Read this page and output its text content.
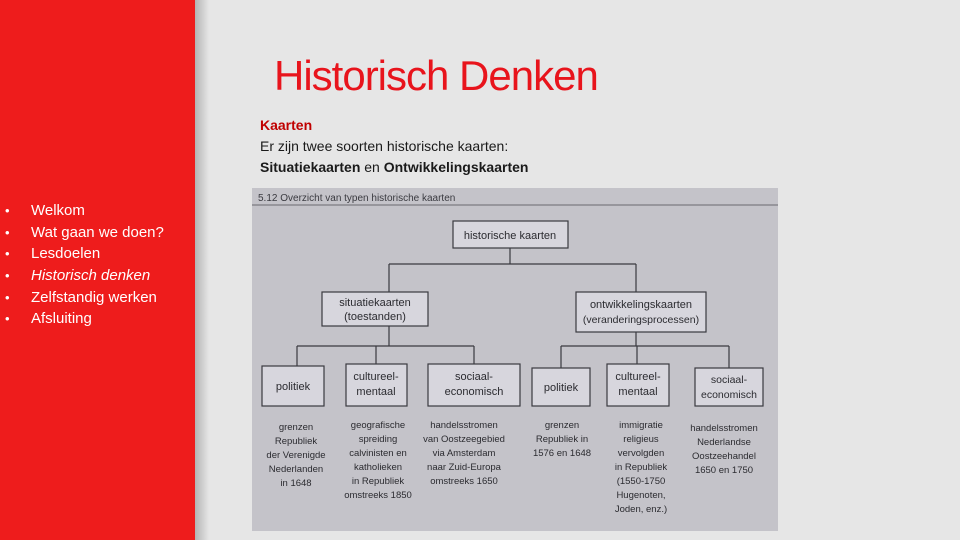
• Welkom
• Wat gaan we doen?
• Lesdoelen
• Historisch denken
• Zelfstandig werken
• Afsluiting
Historisch Denken
Kaarten
Er zijn twee soorten historische kaarten:
Situatiekaarten en Ontwikkelingskaarten
5.12 Overzicht van typen historische kaarten
historische kaarten
situatiekaarten
(toestanden)
ontwikkelingskaarten
(veranderingsprocessen)
politiek
cultureel-
mentaal
sociaal-
economisch	politiek
cultureel-
mentaal
sociaal-
economisch
grenzen
Republiek
der Verenigde
Nederlanden
in 1648
geografische
spreiding
calvinisten en
katholieken
in Republiek
omstreeks 1850
handelsstromen
van Oostzeegebied
via Amsterdam
naar Zuid-Europa
omstreeks 1650
grenzen
Republiek in
1576 en 1648
immigratie
religieus
vervolgden
in Republiek
(1550-1750
Hugenoten,
Joden, enz.)
handelsstromen
Nederlandse
Oostzeehandel
1650 en 1750
